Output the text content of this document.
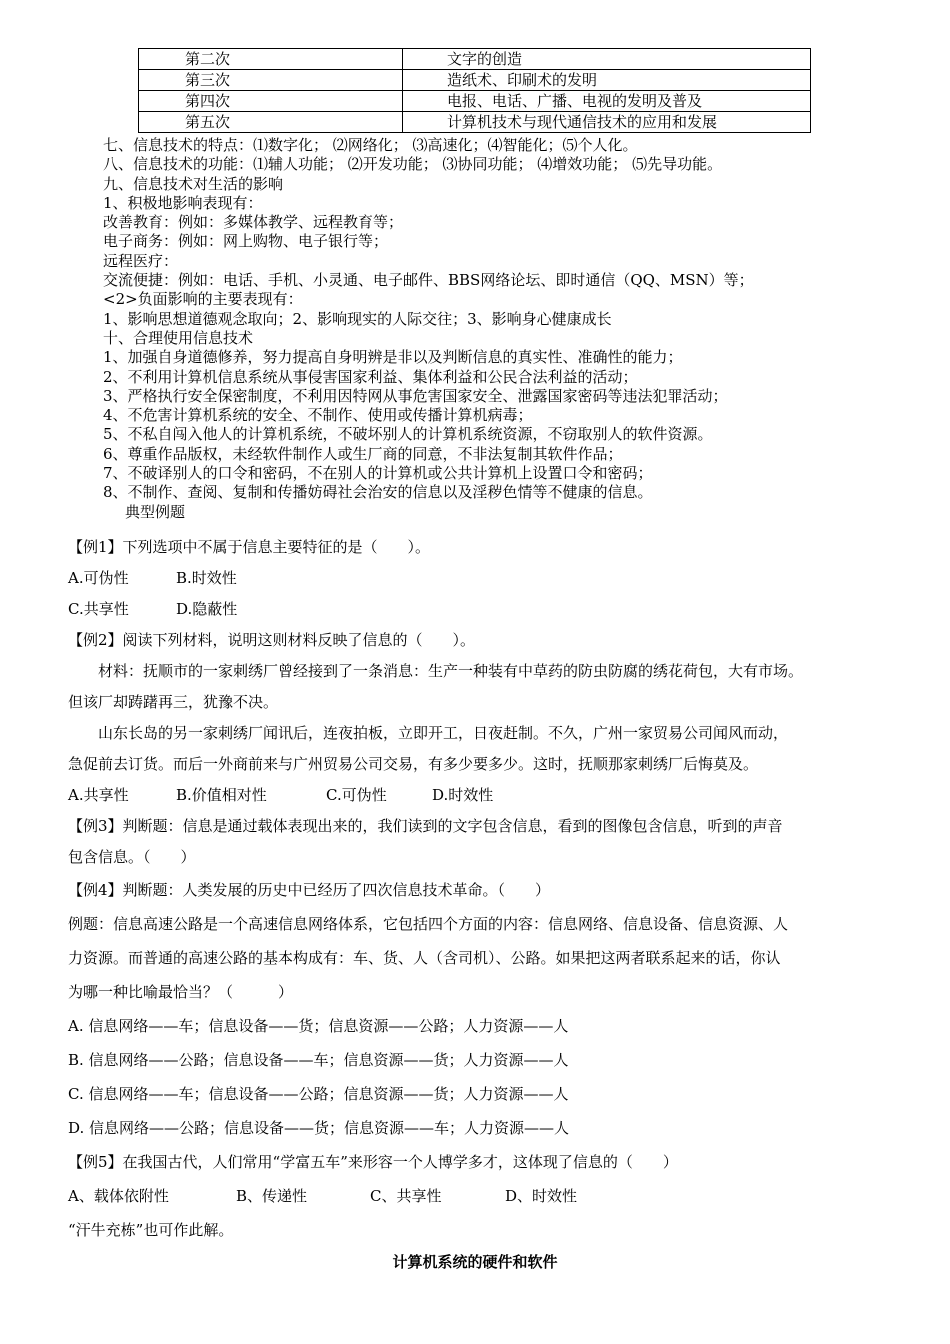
第二次	文字的创造
第三次	造纸术、印刷术的发明
第四次	电报、电话、广播、电视的发明及普及
第五次	计算机技术与现代通信技术的应用和发展
七、信息技术的特点：⑴数字化； ⑵网络化； ⑶高速化；⑷智能化；⑸个人化。
八、信息技术的功能：⑴辅人功能； ⑵开发功能； ⑶协同功能； ⑷增效功能； ⑸先导功能。
九、信息技术对生活的影响
1、积极地影响表现有：
改善教育：例如：多媒体教学、远程教育等；
电子商务：例如：网上购物、电子银行等；
远程医疗：
交流便捷：例如：电话、手机、小灵通、电子邮件、BBS网络论坛、即时通信（QQ、MSN）等；
<2>负面影响的主要表现有：
1、影响思想道德观念取向；2、影响现实的人际交往；3、影响身心健康成长
十、合理使用信息技术
1、加强自身道德修养，努力提高自身明辨是非以及判断信息的真实性、准确性的能力；
2、不利用计算机信息系统从事侵害国家利益、集体利益和公民合法利益的活动；
3、严格执行安全保密制度，不利用因特网从事危害国家安全、泄露国家密码等违法犯罪活动；
4、不危害计算机系统的安全、不制作、使用或传播计算机病毒；
5、不私自闯入他人的计算机系统，不破坏别人的计算机系统资源，不窃取别人的软件资源。
6、尊重作品版权，未经软件制作人或生厂商的同意，不非法复制其软件作品；
7、不破译别人的口令和密码，不在别人的计算机或公共计算机上设置口令和密码；
8、不制作、查阅、复制和传播妨碍社会治安的信息以及淫秽色情等不健康的信息。
典型例题
【例1】下列选项中不属于信息主要特征的是（　　）。
A.可伪性	B.时效性
C.共享性	D.隐蔽性
【例2】阅读下列材料，说明这则材料反映了信息的（　　）。
材料：抚顺市的一家刺绣厂曾经接到了一条消息：生产一种装有中草药的防虫防腐的绣花荷包，大有市场。
但该厂却踌躇再三，犹豫不决。
山东长岛的另一家刺绣厂闻讯后，连夜拍板，立即开工，日夜赶制。不久，广州一家贸易公司闻风而动，
急促前去订货。而后一外商前来与广州贸易公司交易，有多少要多少。这时，抚顺那家刺绣厂后悔莫及。
A.共享性	B.价值相对性	C.可伪性	D.时效性
【例3】判断题：信息是通过载体表现出来的，我们读到的文字包含信息，看到的图像包含信息，听到的声音
包含信息。（　　）
【例4】判断题：人类发展的历史中已经历了四次信息技术革命。（　　）
例题：信息高速公路是一个高速信息网络体系，它包括四个方面的内容：信息网络、信息设备、信息资源、人
力资源。而普通的高速公路的基本构成有：车、货、人（含司机）、公路。如果把这两者联系起来的话，你认
为哪一种比喻最恰当？（　　　）
A. 信息网络——车；信息设备——货；信息资源——公路；人力资源——人
B. 信息网络——公路；信息设备——车；信息资源——货；人力资源——人
C. 信息网络——车；信息设备——公路；信息资源——货；人力资源——人
D. 信息网络——公路；信息设备——货；信息资源——车；人力资源——人
【例5】在我国古代，人们常用“学富五车”来形容一个人博学多才，这体现了信息的（　　）
A、载体依附性	B、传递性	C、共享性	D、时效性
“汗牛充栋”也可作此解。
计算机系统的硬件和软件
